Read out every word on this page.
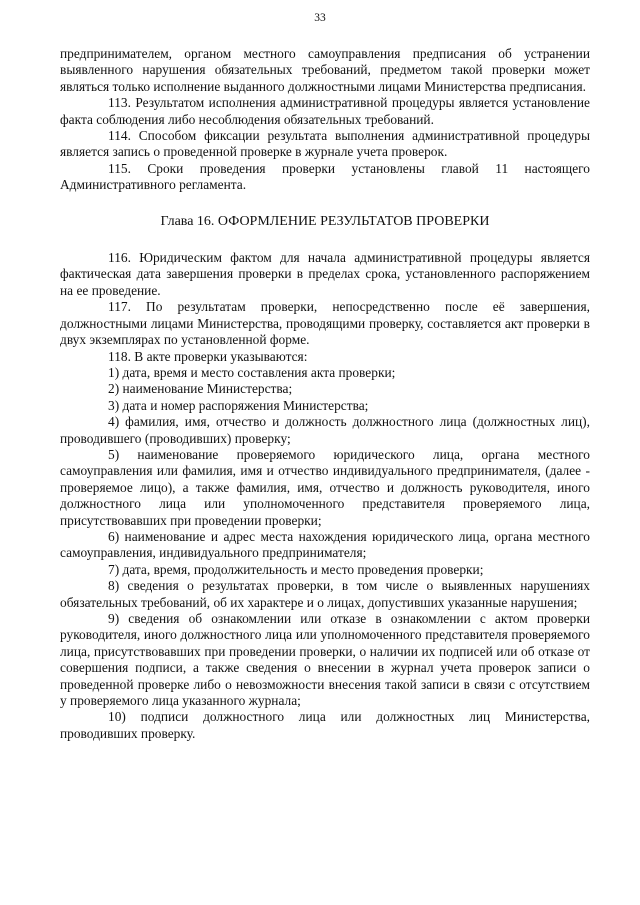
33

предпринимателем, органом местного самоуправления предписания об устранении выявленного нарушения обязательных требований, предметом такой проверки может являться только исполнение выданного должностными лицами Министерства предписания.

113. Результатом исполнения административной процедуры является установление факта соблюдения либо несоблюдения обязательных требований.

114. Способом фиксации результата выполнения административной процедуры является запись о проведенной проверке в журнале учета проверок.

115. Сроки проведения проверки установлены главой 11 настоящего Административного регламента.

Глава 16. ОФОРМЛЕНИЕ РЕЗУЛЬТАТОВ ПРОВЕРКИ

116. Юридическим фактом для начала административной процедуры является фактическая дата завершения проверки в пределах срока, установленного распоряжением на ее проведение.

117. По результатам проверки, непосредственно после её завершения, должностными лицами Министерства, проводящими проверку, составляется акт проверки в двух экземплярах по установленной форме.

118. В акте проверки указываются:

1) дата, время и место составления акта проверки;

2) наименование Министерства;

3) дата и номер распоряжения Министерства;

4) фамилия, имя, отчество и должность должностного лица (должностных лиц), проводившего (проводивших) проверку;

5) наименование проверяемого юридического лица, органа местного самоуправления или фамилия, имя и отчество индивидуального предпринимателя, (далее - проверяемое лицо), а также фамилия, имя, отчество и должность руководителя, иного должностного лица или уполномоченного представителя проверяемого лица, присутствовавших при проведении проверки;

6) наименование и адрес места нахождения юридического лица, органа местного самоуправления, индивидуального предпринимателя;

7) дата, время, продолжительность и место проведения проверки;

8) сведения о результатах проверки, в том числе о выявленных нарушениях обязательных требований, об их характере и о лицах, допустивших указанные нарушения;

9) сведения об ознакомлении или отказе в ознакомлении с актом проверки руководителя, иного должностного лица или уполномоченного представителя проверяемого лица, присутствовавших при проведении проверки, о наличии их подписей или об отказе от совершения подписи, а также сведения о внесении в журнал учета проверок записи о проведенной проверке либо о невозможности внесения такой записи в связи с отсутствием у проверяемого лица указанного журнала;

10) подписи должностного лица или должностных лиц Министерства, проводивших проверку.
